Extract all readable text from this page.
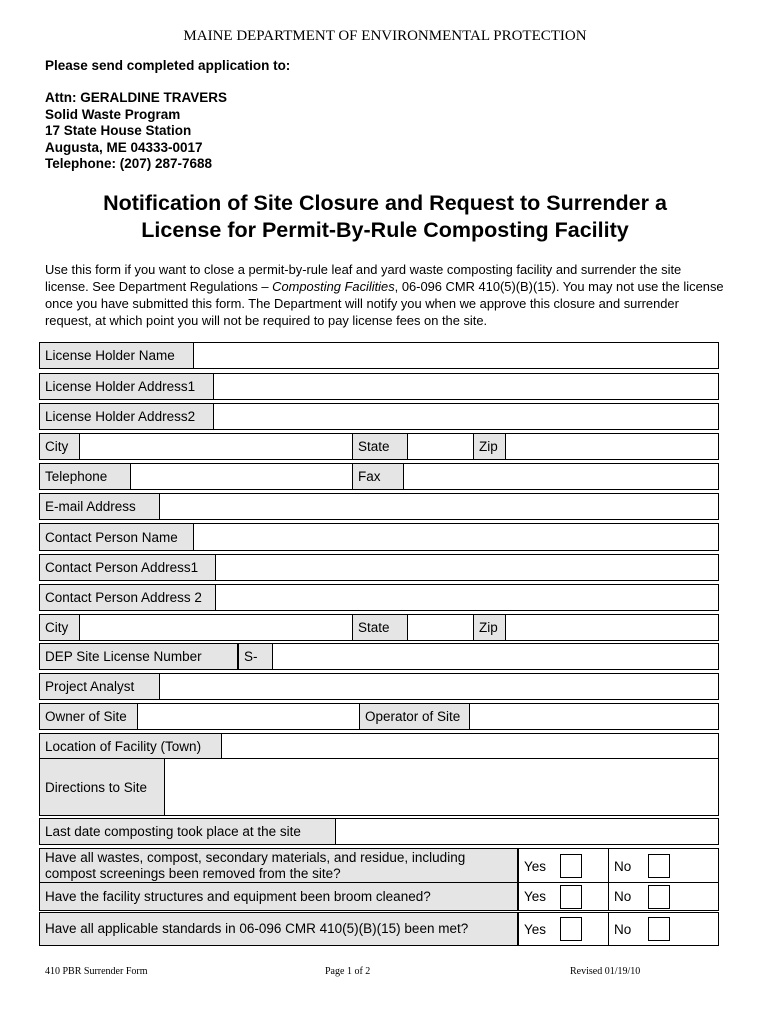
MAINE DEPARTMENT OF ENVIRONMENTAL PROTECTION
Please send completed application to:
Attn: GERALDINE TRAVERS
Solid Waste Program
17 State House Station
Augusta, ME 04333-0017
Telephone: (207) 287-7688
Notification of Site Closure and Request to Surrender a
License for Permit-By-Rule Composting Facility
Use this form if you want to close a permit-by-rule leaf and yard waste composting facility and surrender the site license. See Department Regulations – Composting Facilities, 06-096 CMR 410(5)(B)(15). You may not use the license once you have submitted this form. The Department will notify you when we approve this closure and surrender request, at which point you will not be required to pay license fees on the site.
License Holder Name
License Holder Address1
License Holder Address2
City	State	Zip
Telephone	Fax
E-mail Address
Contact Person Name
Contact Person Address1
Contact Person Address 2
City	State	Zip
DEP Site License Number	S-
Project Analyst
Owner of Site	Operator of Site
Location of Facility (Town)
Directions to Site
Last date composting took place at the site
Have all wastes, compost, secondary materials, and residue, including compost screenings been removed from the site?	Yes	No
Have the facility structures and equipment been broom cleaned?	Yes	No
Have all applicable standards in 06-096 CMR 410(5)(B)(15) been met?	Yes	No
410 PBR Surrender Form	Page 1 of 2	Revised 01/19/10
